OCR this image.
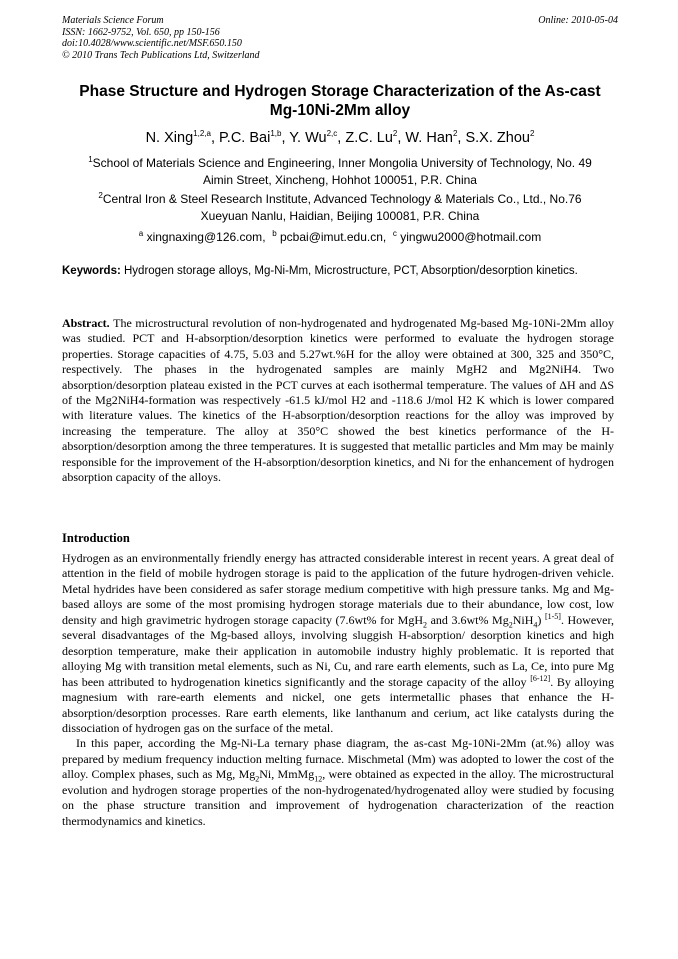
Materials Science Forum
ISSN: 1662-9752, Vol. 650, pp 150-156
doi:10.4028/www.scientific.net/MSF.650.150
© 2010 Trans Tech Publications Ltd, Switzerland
Online: 2010-05-04
Phase Structure and Hydrogen Storage Characterization of the As-cast
Mg-10Ni-2Mm alloy
N. Xing$^{1,2,a}$, P.C. Bai$^{1,b}$, Y. Wu$^{2,c}$, Z.C. Lu$^2$, W. Han$^2$, S.X. Zhou$^2$
$^1$School of Materials Science and Engineering, Inner Mongolia University of Technology, No. 49
Aimin Street, Xincheng, Hohhot 100051, P.R. China
$^2$Central Iron & Steel Research Institute, Advanced Technology & Materials Co., Ltd., No.76
Xueyuan Nanlu, Haidian, Beijing 100081, P.R. China
$^a$ xingnaxing@126.com,  $^b$ pcbai@imut.edu.cn,  $^c$ yingwu2000@hotmail.com
Keywords: Hydrogen storage alloys, Mg-Ni-Mm, Microstructure, PCT, Absorption/desorption kinetics.
Abstract. The microstructural revolution of non-hydrogenated and hydrogenated Mg-based Mg-10Ni-2Mm alloy was studied. PCT and H-absorption/desorption kinetics were performed to evaluate the hydrogen storage properties. Storage capacities of 4.75, 5.03 and 5.27wt.%H for the alloy were obtained at 300, 325 and 350°C, respectively. The phases in the hydrogenated samples are mainly MgH2 and Mg2NiH4. Two absorption/desorption plateau existed in the PCT curves at each isothermal temperature. The values of ΔH and ΔS of the Mg2NiH4-formation was respectively -61.5 kJ/mol H2 and -118.6 J/mol H2 K which is lower compared with literature values. The kinetics of the H-absorption/desorption reactions for the alloy was improved by increasing the temperature. The alloy at 350°C showed the best kinetics performance of the H-absorption/desorption among the three temperatures. It is suggested that metallic particles and Mm may be mainly responsible for the improvement of the H-absorption/desorption kinetics, and Ni for the enhancement of hydrogen absorption capacity of the alloys.
Introduction

Hydrogen as an environmentally friendly energy has attracted considerable interest in recent years. A great deal of attention in the field of mobile hydrogen storage is paid to the application of the future hydrogen-driven vehicle. Metal hydrides have been considered as safer storage medium competitive with high pressure tanks. Mg and Mg-based alloys are some of the most promising hydrogen storage materials due to their abundance, low cost, low density and high gravimetric hydrogen storage capacity (7.6wt% for MgH$_2$ and 3.6wt% $Mg_2NiH_4$) [1-5]. However, several disadvantages of the Mg-based alloys, involving sluggish H-absorption/ desorption kinetics and high desorption temperature, make their application in automobile industry highly problematic. It is reported that alloying Mg with transition metal elements, such as Ni, Cu, and rare earth elements, such as La, Ce, into pure Mg has been attributed to hydrogenation kinetics significantly and the storage capacity of the alloy [6-12]. By alloying magnesium with rare-earth elements and nickel, one gets intermetallic phases that enhance the H-absorption/desorption processes. Rare earth elements, like lanthanum and cerium, act like catalysts during the dissociation of hydrogen gas on the surface of the metal.

In this paper, according the Mg-Ni-La ternary phase diagram, the as-cast Mg-10Ni-2Mm (at.%) alloy was prepared by medium frequency induction melting furnace. Mischmetal (Mm) was adopted to lower the cost of the alloy. Complex phases, such as Mg, $Mg_2Ni$, MmMg$_{12}$, were obtained as expected in the alloy. The microstructural evolution and hydrogen storage properties of the non-hydrogenated/hydrogenated alloy were studied by focusing on the phase structure transition and improvement of hydrogenation characterization of the reaction thermodynamics and kinetics.
